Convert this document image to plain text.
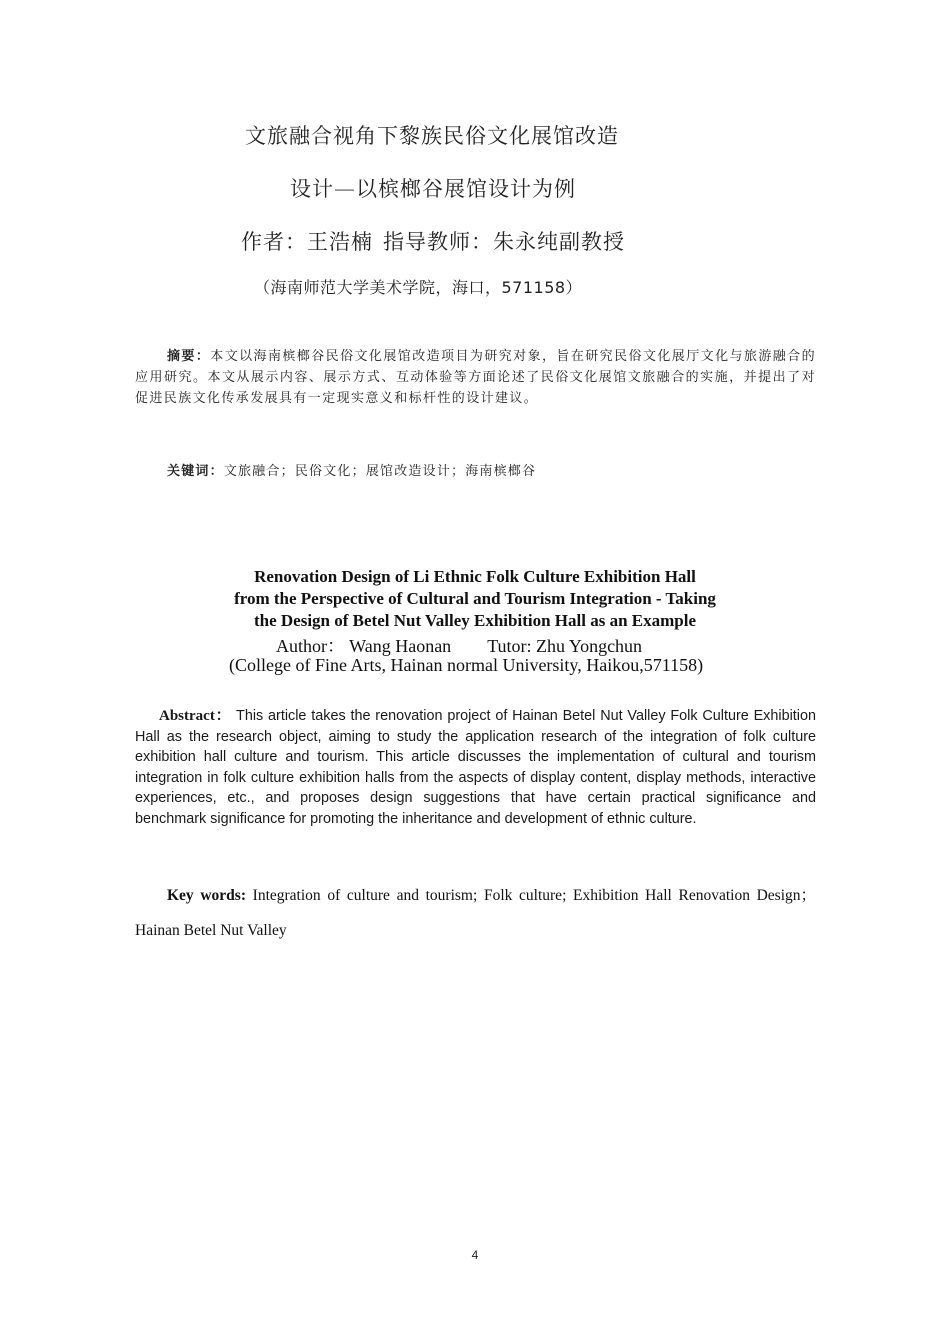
文旅融合视角下黎族民俗文化展馆改造
设计—以槟榔谷展馆设计为例
作者：王浩楠 指导教师：朱永纯副教授
（海南师范大学美术学院，海口，571158）
摘要：本文以海南槟榔谷民俗文化展馆改造项目为研究对象，旨在研究民俗文化展厅文化与旅游融合的应用研究。本文从展示内容、展示方式、互动体验等方面论述了民俗文化展馆文旅融合的实施，并提出了对促进民族文化传承发展具有一定现实意义和标杆性的设计建议。
关键词：文旅融合；民俗文化；展馆改造设计；海南槟榔谷
Renovation Design of Li Ethnic Folk Culture Exhibition Hall
from the Perspective of Cultural and Tourism Integration - Taking
the Design of Betel Nut Valley Exhibition Hall as an Example
Author： Wang Haonan Tutor: Zhu Yongchun
(College of Fine Arts, Hainan normal University, Haikou,571158)
Abstract： This article takes the renovation project of Hainan Betel Nut Valley Folk Culture Exhibition Hall as the research object, aiming to study the application research of the integration of folk culture exhibition hall culture and tourism. This article discusses the implementation of cultural and tourism integration in folk culture exhibition halls from the aspects of display content, display methods, interactive experiences, etc., and proposes design suggestions that have certain practical significance and benchmark significance for promoting the inheritance and development of ethnic culture.
Key words: Integration of culture and tourism; Folk culture; Exhibition Hall Renovation Design；Hainan Betel Nut Valley
4
